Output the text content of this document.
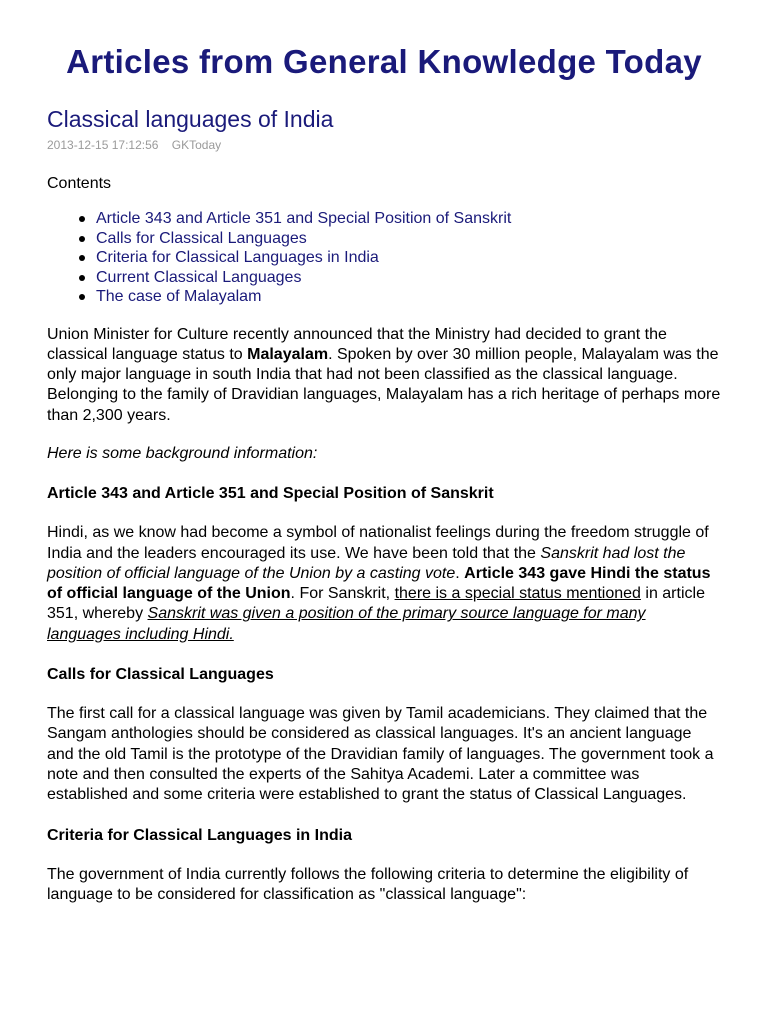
Articles from General Knowledge Today
Classical languages of India
2013-12-15 17:12:56 GKToday
Contents
Article 343 and Article 351 and Special Position of Sanskrit
Calls for Classical Languages
Criteria for Classical Languages in India
Current Classical Languages
The case of Malayalam

Union Minister for Culture recently announced that the Ministry had decided to grant the classical language status to Malayalam. Spoken by over 30 million people, Malayalam was the only major language in south India that had not been classified as the classical language. Belonging to the family of Dravidian languages, Malayalam has a rich heritage of perhaps more than 2,300 years.

Here is some background information:

Article 343 and Article 351 and Special Position of Sanskrit

Hindi, as we know had become a symbol of nationalist feelings during the freedom struggle of India and the leaders encouraged its use. We have been told that the Sanskrit had lost the position of official language of the Union by a casting vote. Article 343 gave Hindi the status of official language of the Union. For Sanskrit, there is a special status mentioned in article 351, whereby Sanskrit was given a position of the primary source language for many languages including Hindi.

Calls for Classical Languages

The first call for a classical language was given by Tamil academicians. They claimed that the Sangam anthologies should be considered as classical languages. It's an ancient language and the old Tamil is the prototype of the Dravidian family of languages. The government took a note and then consulted the experts of the Sahitya Academi. Later a committee was established and some criteria were established to grant the status of Classical Languages.

Criteria for Classical Languages in India

The government of India currently follows the following criteria to determine the eligibility of language to be considered for classification as "classical language":
